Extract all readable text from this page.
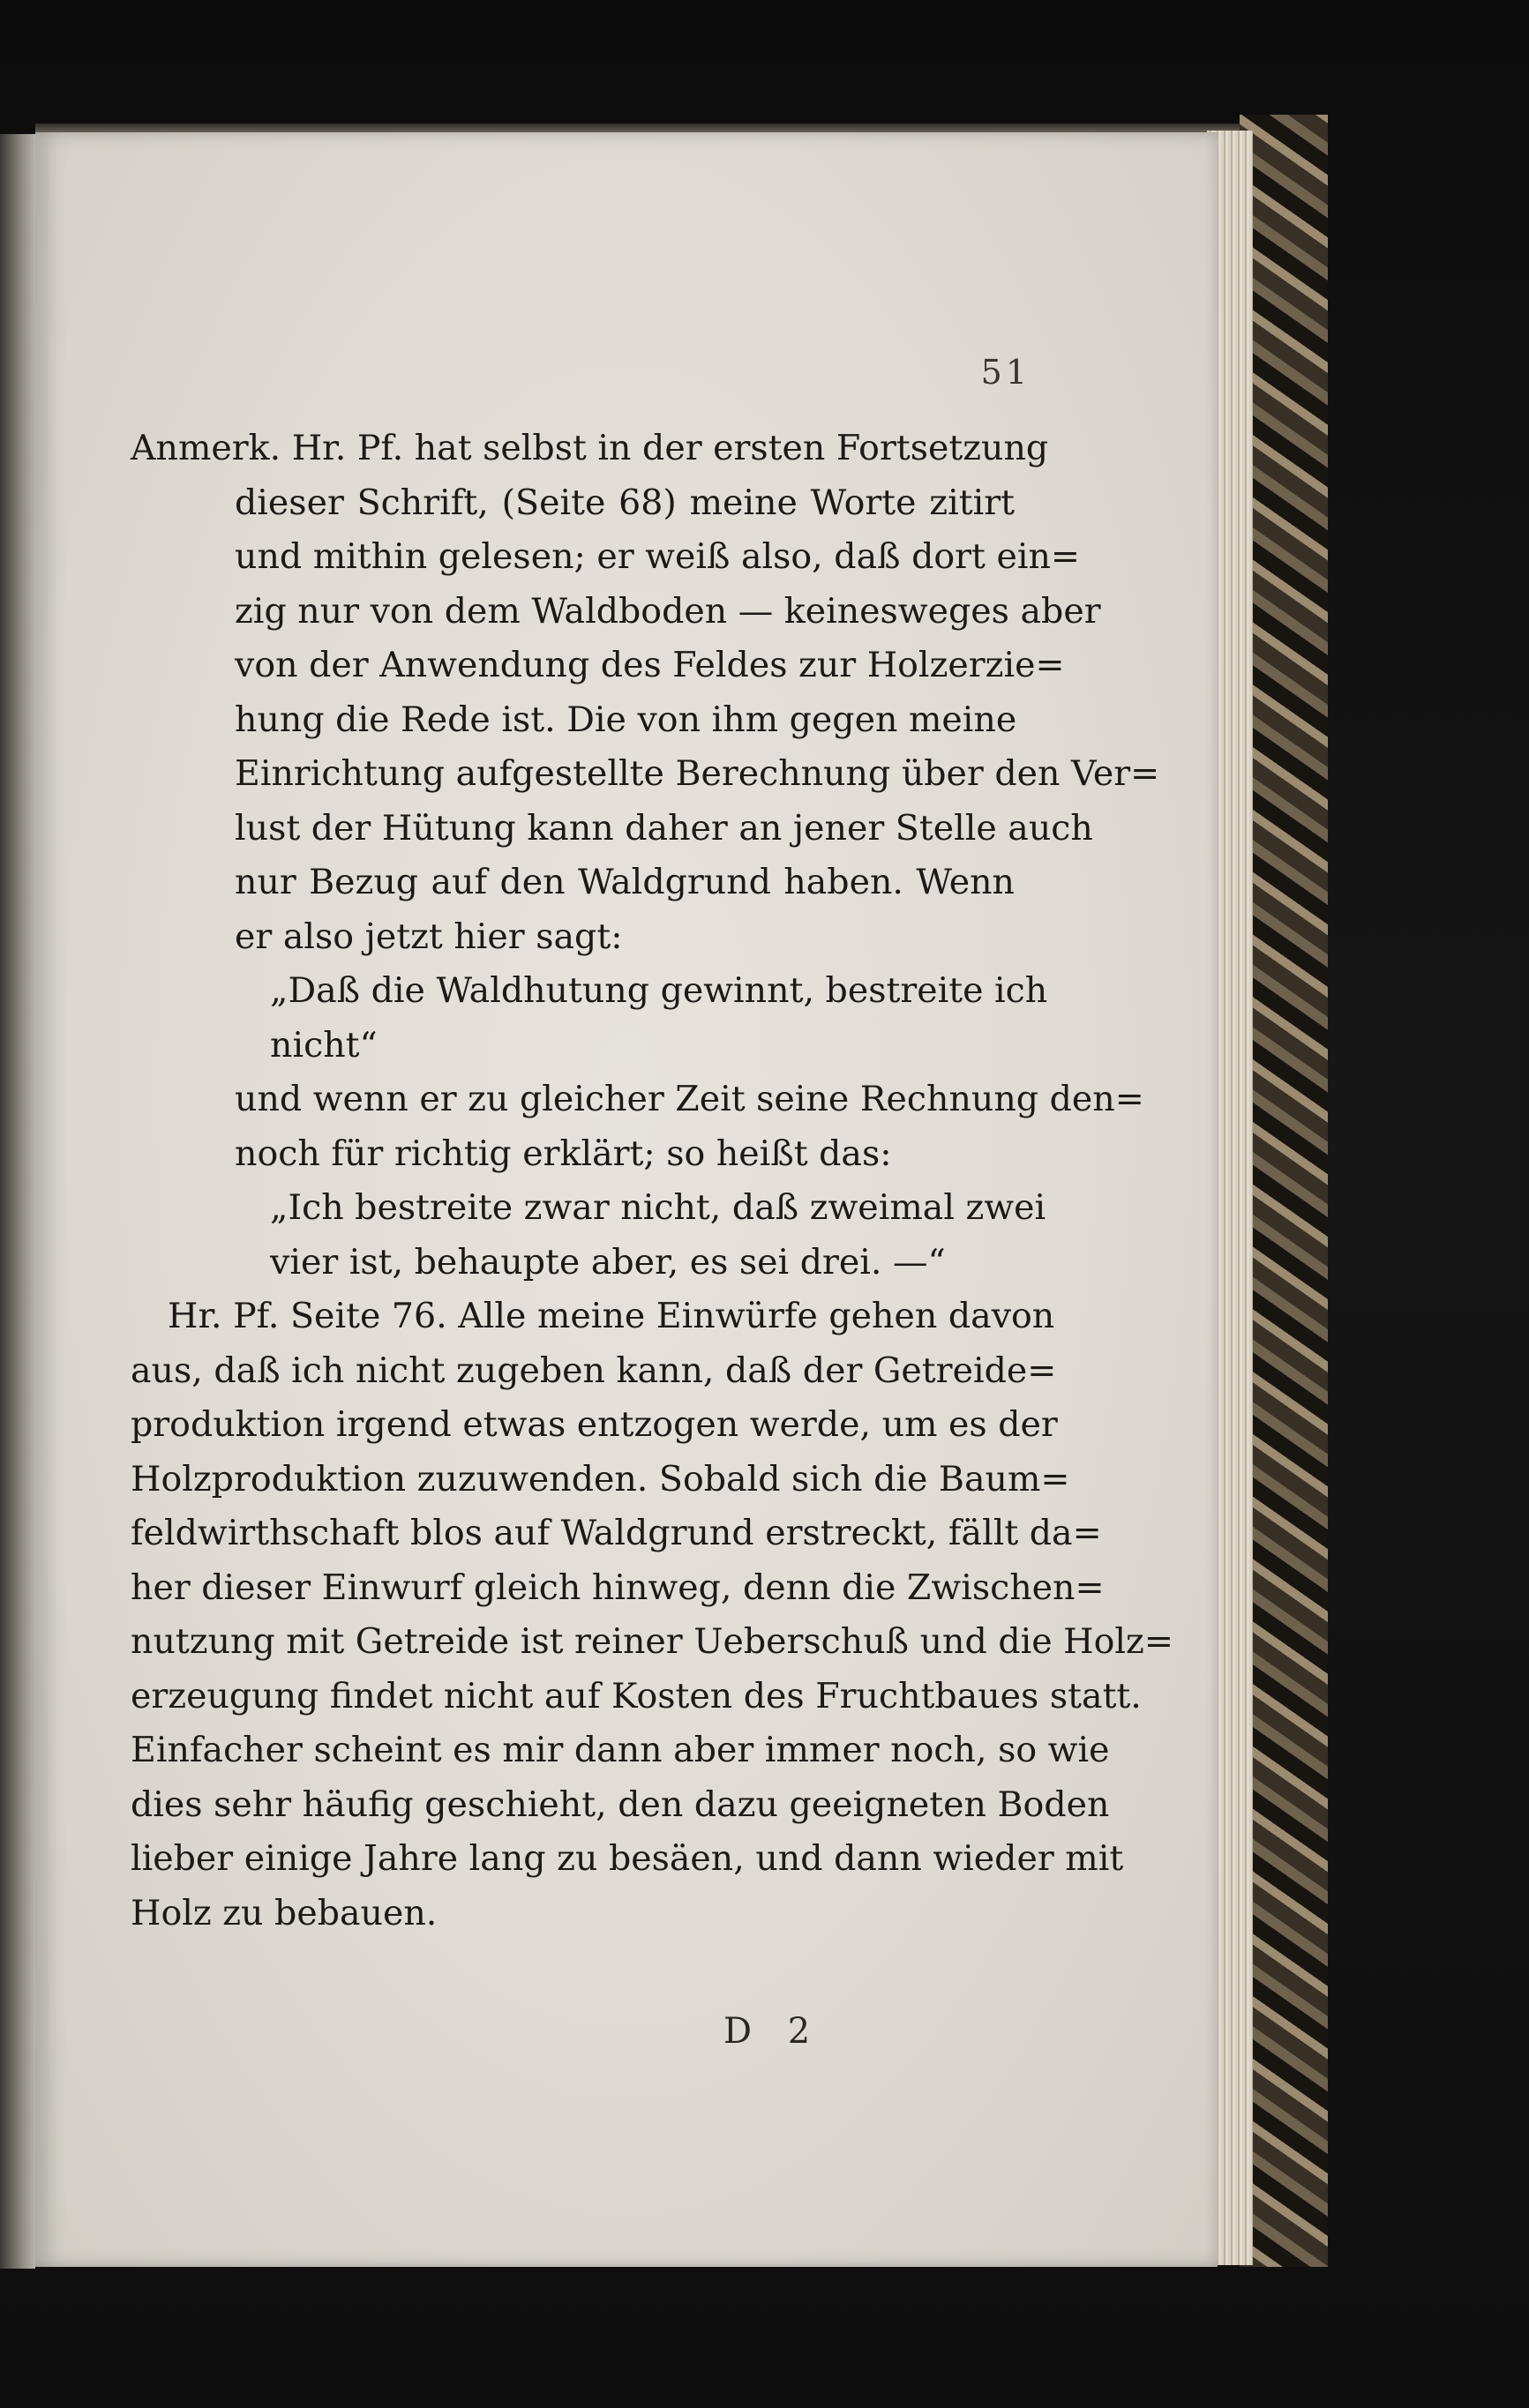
51
Anmerk. Hr. Pf. hat selbst in der ersten Fortsetzung
dieser Schrift, (Seite 68) meine Worte zitirt
und mithin gelesen; er weiß also, daß dort ein=
zig nur von dem Waldboden — keinesweges aber
von der Anwendung des Feldes zur Holzerzie=
hung die Rede ist. Die von ihm gegen meine
Einrichtung aufgestellte Berechnung über den Ver=
lust der Hütung kann daher an jener Stelle auch
nur Bezug auf den Waldgrund haben. Wenn
er also jetzt hier sagt:
„Daß die Waldhutung gewinnt, bestreite ich
nicht“
und wenn er zu gleicher Zeit seine Rechnung den=
noch für richtig erklärt; so heißt das:
„Ich bestreite zwar nicht, daß zweimal zwei
vier ist, behaupte aber, es sei drei. —“
Hr. Pf. Seite 76. Alle meine Einwürfe gehen davon
aus, daß ich nicht zugeben kann, daß der Getreide=
produktion irgend etwas entzogen werde, um es der
Holzproduktion zuzuwenden. Sobald sich die Baum=
feldwirthschaft blos auf Waldgrund erstreckt, fällt da=
her dieser Einwurf gleich hinweg, denn die Zwischen=
nutzung mit Getreide ist reiner Ueberschuß und die Holz=
erzeugung findet nicht auf Kosten des Fruchtbaues statt.
Einfacher scheint es mir dann aber immer noch, so wie
dies sehr häufig geschieht, den dazu geeigneten Boden
lieber einige Jahre lang zu besäen, und dann wieder mit
Holz zu bebauen.
D 2
